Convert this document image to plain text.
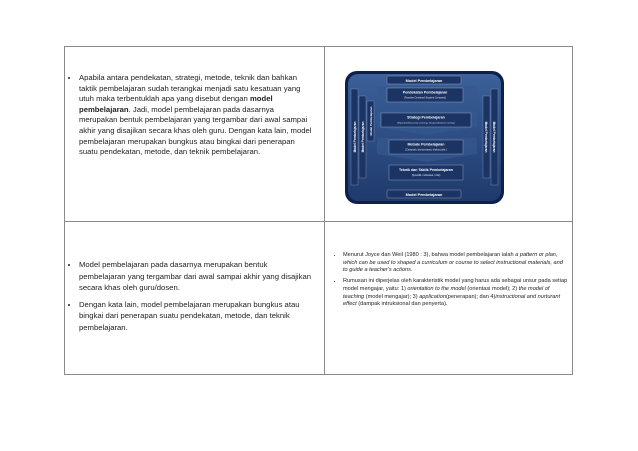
• Apabila antara pendekatan, strategi, metode, teknik dan bahkan taktik pembelajaran sudah terangkai menjadi satu kesatuan yang utuh maka terbentuklah apa yang disebut dengan model pembelajaran. Jadi, model pembelajaran pada dasarnya merupakan bentuk pembelajaran yang tergambar dari awal sampai akhir yang disajikan secara khas oleh guru. Dengan kata lain, model pembelajaran merupakan bungkus atau bingkai dari penerapan suatu pendekatan, metode, dan teknik pembelajaran.
Model Pembelajaran
Model Pembelajaran
Model Pembelajaran Model Pembelajaran
Model Pembelajaran
Model Pembelajaran
Model Pembelajaran
Pendekatan Pembelajaran
(Teacher Centered Student Centered)
Strategi Pembelajaran
(Exposition/Discovery Learning, Group-Individual Learning)
Metode Pembelajaran
(Ceramah, demonstrasi, diskusi,dsb.)
Teknik dan Taktik Pembelajaran
(Spesifik, individual, Unik)
• Model pembelajaran pada dasarnya merupakan bentuk pembelajaran yang tergambar dari awal sampai akhir yang disajikan secara khas oleh guru/dosen.
• Dengan kata lain, model pembelajaran merupakan bungkus atau bingkai dari penerapan suatu pendekatan, metode, dan teknik pembelajaran.
• Menurut Joyce dan Weil (1980 : 3), bahwa model pembelajaran ialah a pattern or plan, which can be used to shaped a curriculum or course to select instructional materials, and to guide a teacher's actions.
• Rumusan ini diperjelas oleh karakteristik model yang harus ada sebagai unsur pada setiap model mengajar, yaitu: 1) orientation to the model (orientasi model); 2) the model of teaching (model mengajar); 3) application(penerapan); dan 4)instructional and nurturant effect (dampak intruksional dan penyerta).
